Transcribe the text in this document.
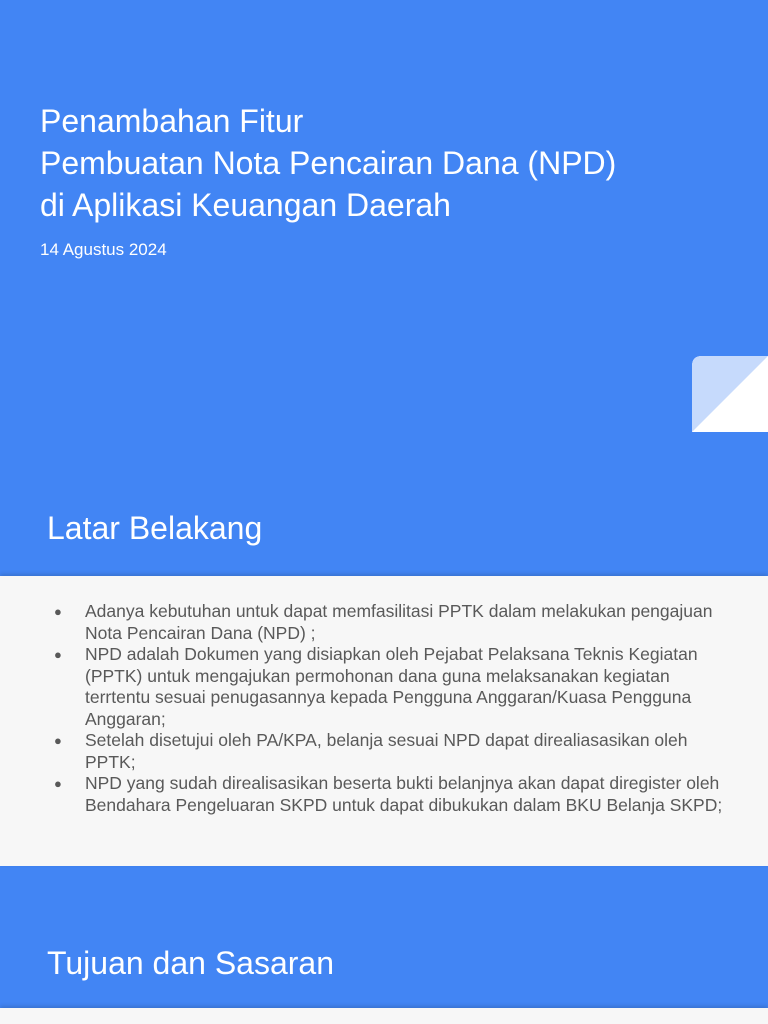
Penambahan Fitur
Pembuatan Nota Pencairan Dana (NPD)
di Aplikasi Keuangan Daerah
14 Agustus 2024
Latar Belakang
● Adanya kebutuhan untuk dapat memfasilitasi PPTK dalam melakukan pengajuan Nota Pencairan Dana (NPD) ;
● NPD adalah Dokumen yang disiapkan oleh Pejabat Pelaksana Teknis Kegiatan (PPTK) untuk mengajukan permohonan dana guna melaksanakan kegiatan terrtentu sesuai penugasannya kepada Pengguna Anggaran/Kuasa Pengguna Anggaran;
● Setelah disetujui oleh PA/KPA, belanja sesuai NPD dapat direaliasasikan oleh PPTK;
● NPD yang sudah direalisasikan beserta bukti belanjnya akan dapat diregister oleh Bendahara Pengeluaran SKPD untuk dapat dibukukan dalam BKU Belanja SKPD;
Tujuan dan Sasaran
